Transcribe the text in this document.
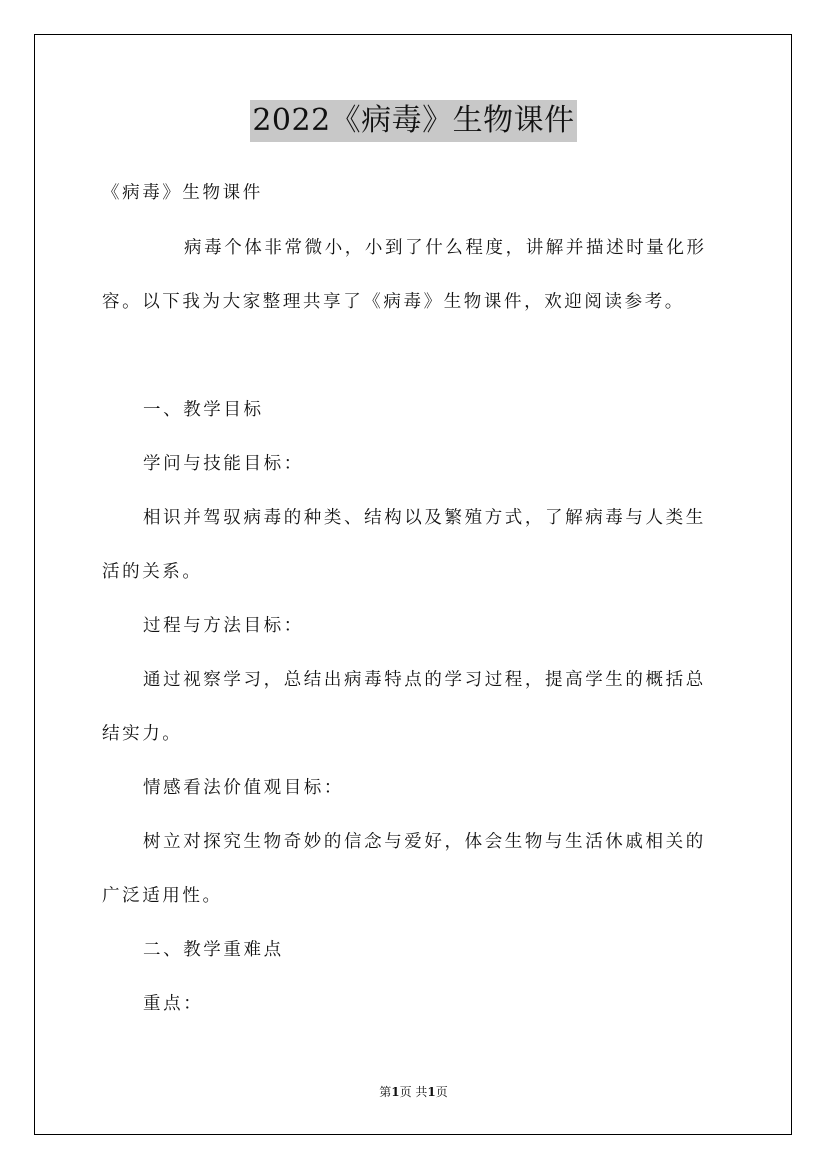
2022《病毒》生物课件
《病毒》生物课件
病毒个体非常微小，小到了什么程度，讲解并描述时量化形
容。以下我为大家整理共享了《病毒》生物课件，欢迎阅读参考。
一、教学目标
学问与技能目标：
相识并驾驭病毒的种类、结构以及繁殖方式，了解病毒与人类生
活的关系。
过程与方法目标：
通过视察学习，总结出病毒特点的学习过程，提高学生的概括总
结实力。
情感看法价值观目标：
树立对探究生物奇妙的信念与爱好，体会生物与生活休戚相关的
广泛适用性。
二、教学重难点
重点：
第1页 共1页
